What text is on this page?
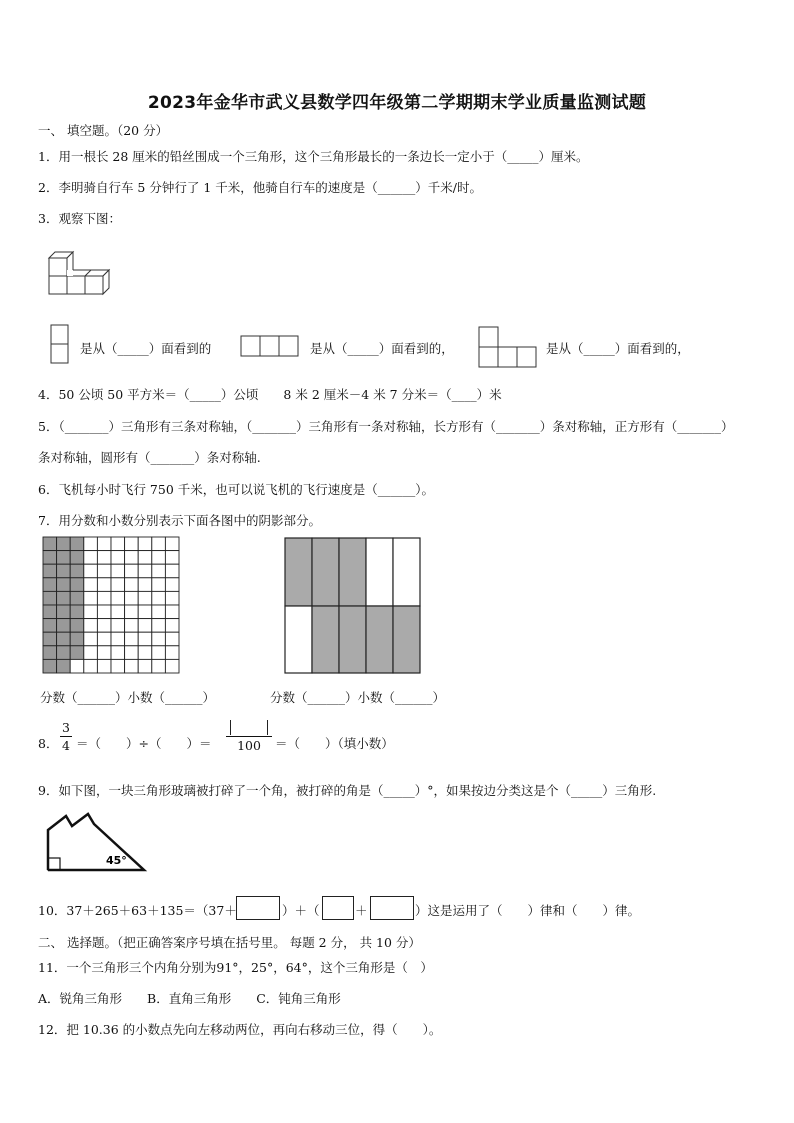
2023年金华市武义县数学四年级第二学期期末学业质量监测试题
一、 填空题。（20 分）
1．用一根长 28 厘米的铅丝围成一个三角形，这个三角形最长的一条边长一定小于（_____）厘米。
2．李明骑自行车 5 分钟行了 1 千米，他骑自行车的速度是（______）千米/时。
3．观察下图：
是从（_____）面看到的	是从（_____）面看到的，	是从（_____）面看到的，
4．50 公顷 50 平方米＝（_____）公顷　　8 米 2 厘米－4 米 7 分米＝（____）米
5．（_______）三角形有三条对称轴，（_______）三角形有一条对称轴，长方形有（_______）条对称轴，正方形有（_______）
条对称轴，圆形有（_______）条对称轴.
6．飞机每小时飞行 750 千米，也可以说飞机的飞行速度是（______）。
7．用分数和小数分别表示下面各图中的阴影部分。
分数（______）小数（______）	分数（______）小数（______）
8．
3
4 ＝（　　）÷（　　）＝	100	＝（　　）（填小数）
9．如下图，一块三角形玻璃被打碎了一个角，被打碎的角是（_____）°，如果按边分类这是个（_____）三角形.
45°
10．37＋265＋63＋135＝（37＋	）＋（	＋	）这是运用了（　　）律和（　　）律。
二、 选择题。（把正确答案序号填在括号里。 每题 2 分， 共 10 分）
11．一个三角形三个内角分别为91°，25°，64°，这个三角形是（　）
A．锐角三角形　　B．直角三角形　　C．钝角三角形
12．把 10.36 的小数点先向左移动两位，再向右移动三位，得（　　）。
